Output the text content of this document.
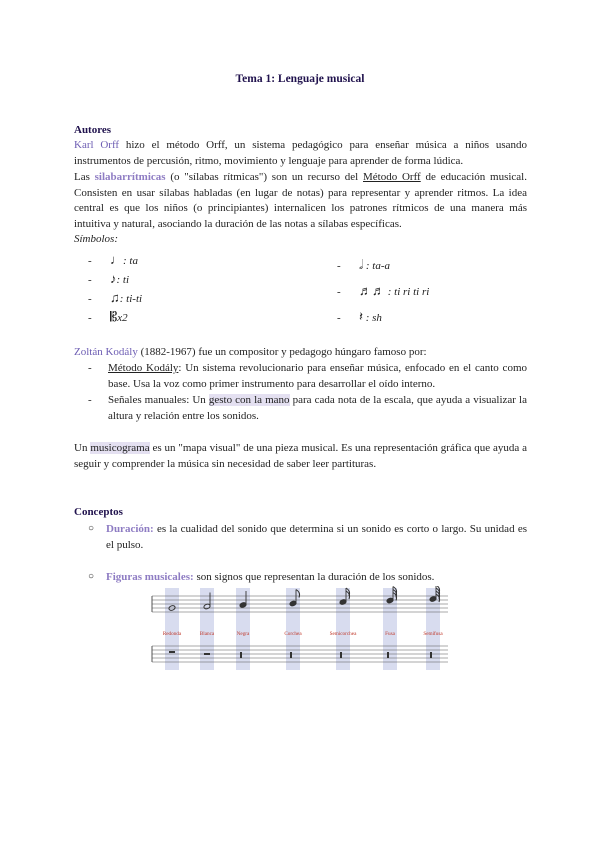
Tema 1: Lenguaje musical
Autores
Karl Orff hizo el método Orff, un sistema pedagógico para enseñar música a niños usando instrumentos de percusión, ritmo, movimiento y lenguaje para aprender de forma lúdica.
Las silabarrítmicas (o "sílabas rítmicas") son un recurso del Método Orff de educación musical. Consisten en usar sílabas habladas (en lugar de notas) para representar y aprender ritmos. La idea central es que los niños (o principiantes) internalicen los patrones rítmicos de una manera más intuitiva y natural, asociando la duración de las notas a sílabas específicas.
Símbolos:
- ♩: ta
- ♪: ti
- ♫: ti-ti
- 𝄡x2
- 𝅗𝅥 : ta-a
- ♬♬ : ti ri ti ri
- 𝄽 : sh
Zoltán Kodály (1882-1967) fue un compositor y pedagogo húngaro famoso por:
- Método Kodály: Un sistema revolucionario para enseñar música, enfocado en el canto como base. Usa la voz como primer instrumento para desarrollar el oído interno.
- Señales manuales: Un gesto con la mano para cada nota de la escala, que ayuda a visualizar la altura y relación entre los sonidos.
Un musicograma es un "mapa visual" de una pieza musical. Es una representación gráfica que ayuda a seguir y comprender la música sin necesidad de saber leer partituras.
Conceptos
○ Duración: es la cualidad del sonido que determina si un sonido es corto o largo. Su unidad es el pulso.
○ Figuras musicales: son signos que representan la duración de los sonidos.
Redonda	Blanca	Negra	Corchea	Semicorchea	Fusa	Semifusa
